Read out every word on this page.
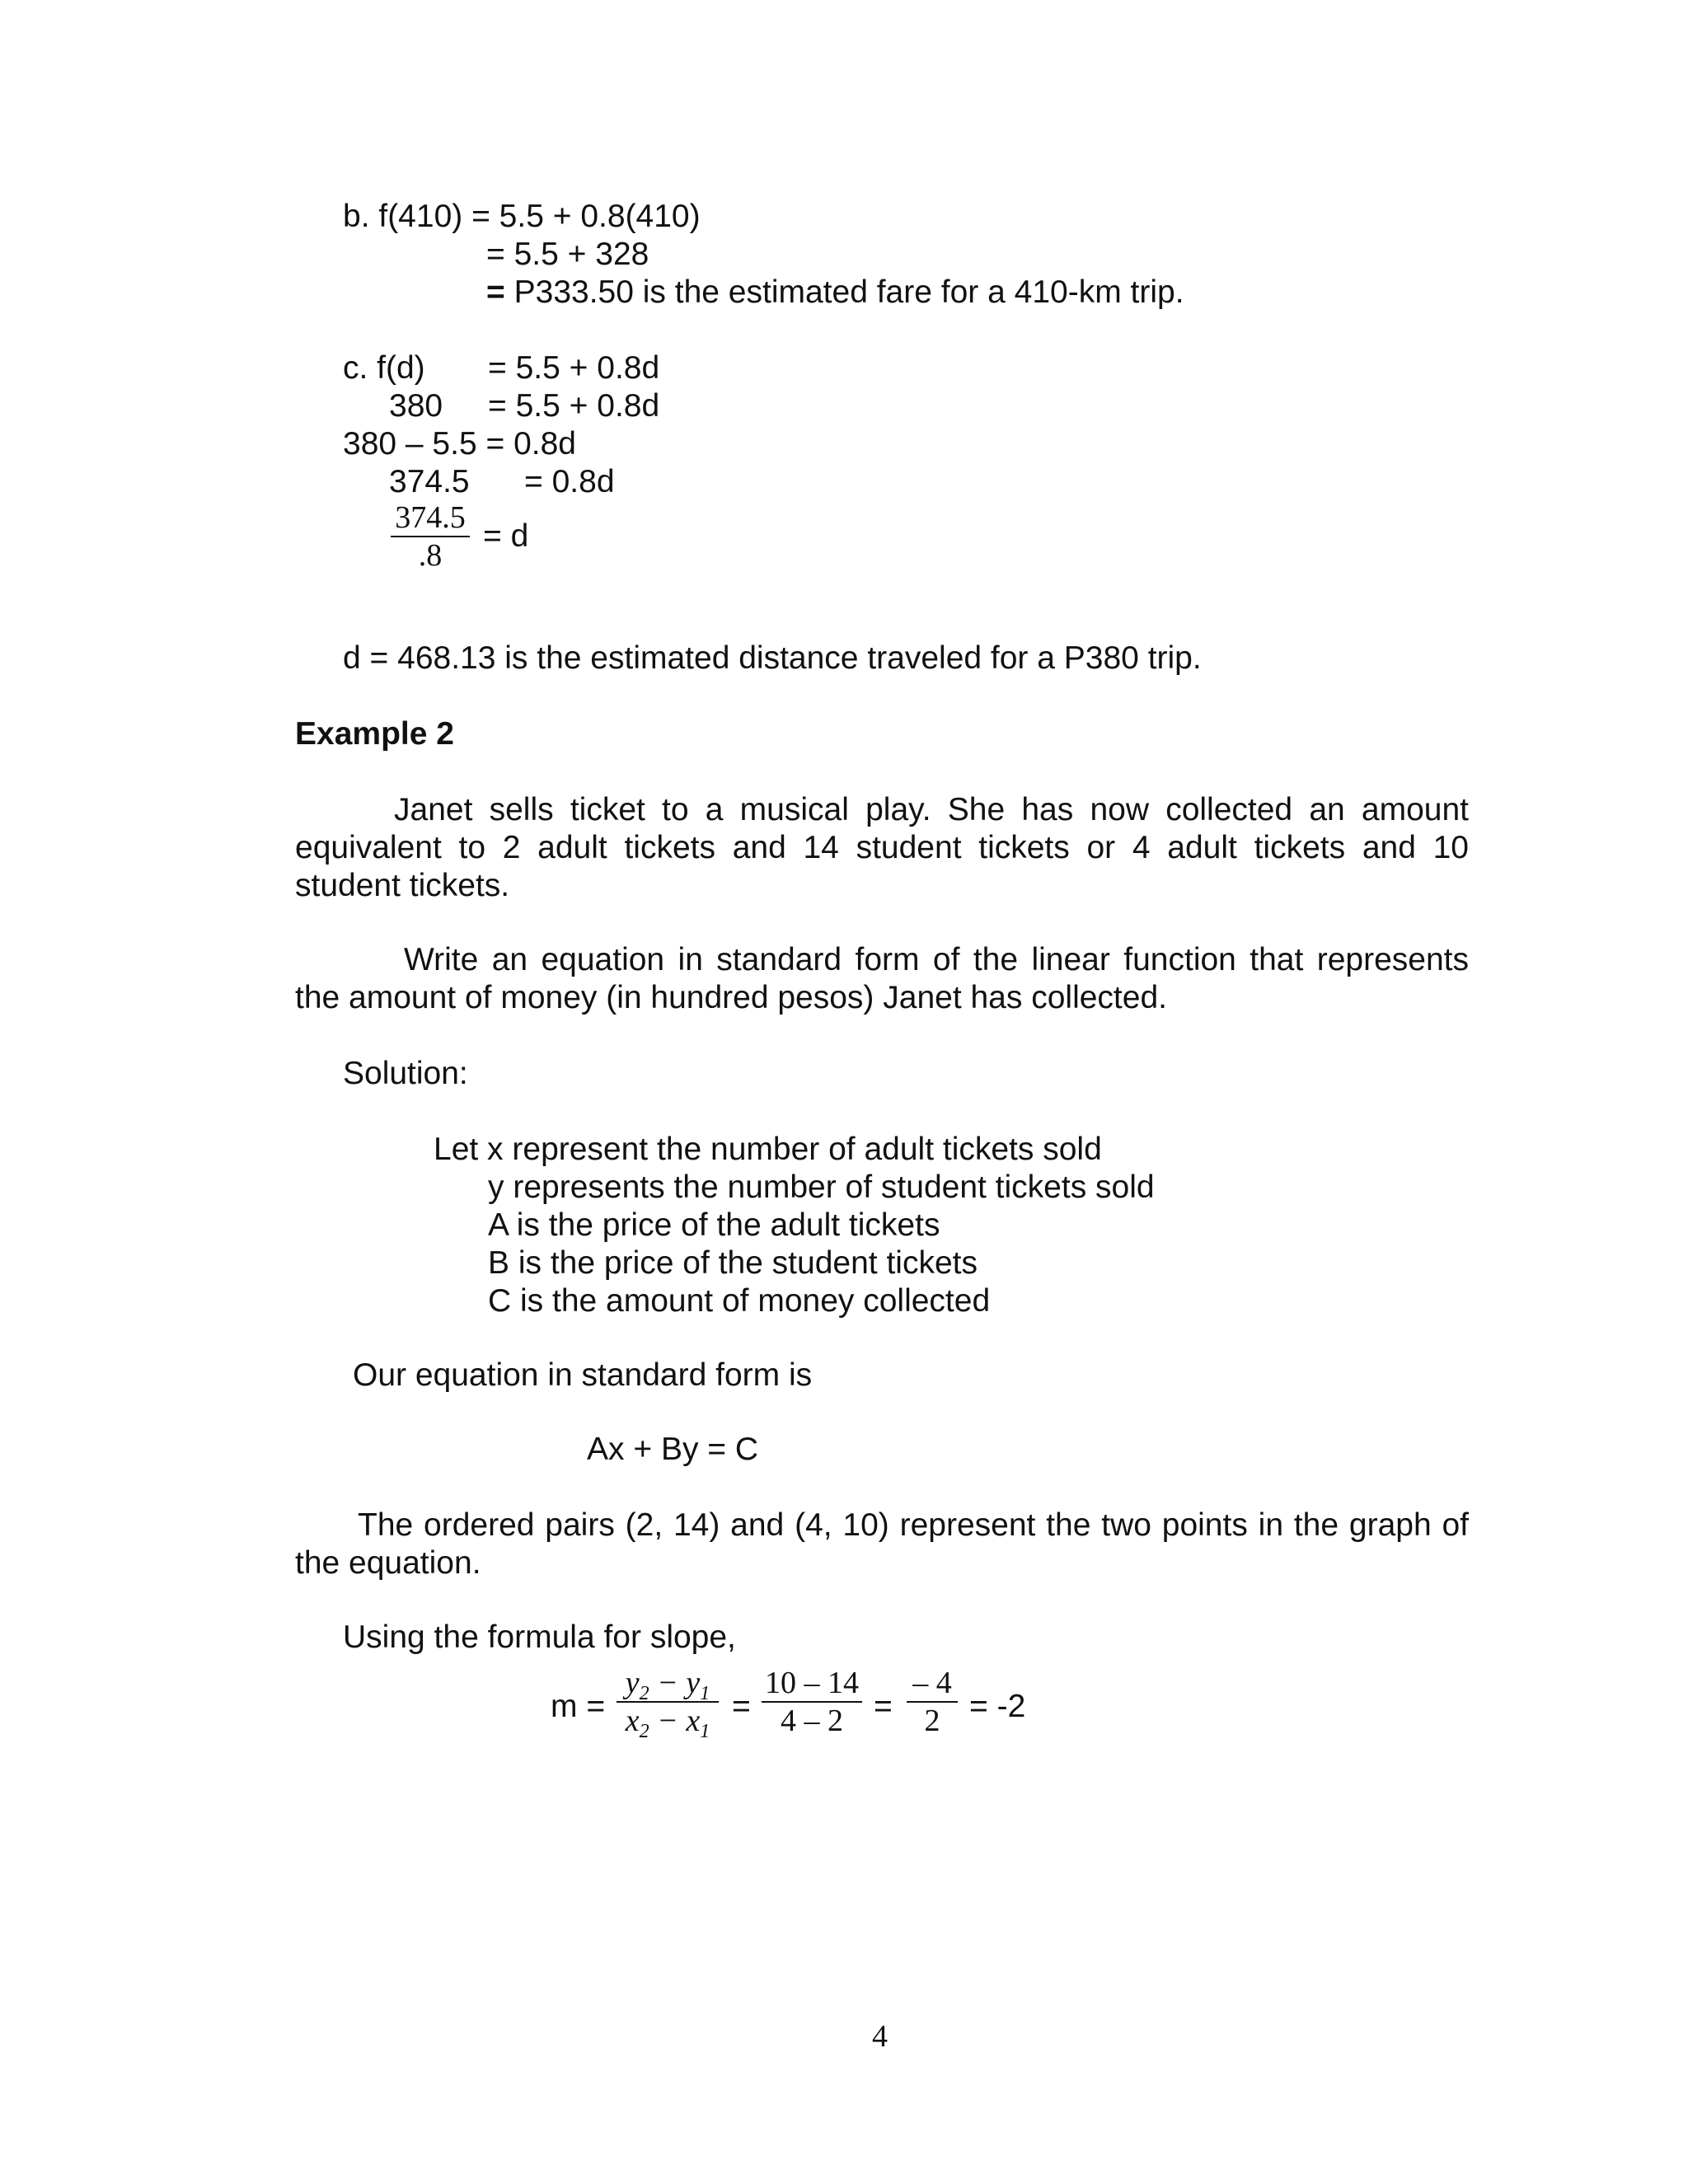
b. f(410) = 5.5 + 0.8(410)
= 5.5 + 328
= P333.50 is the estimated fare for a 410-km trip.
c. f(d) = 5.5 + 0.8d
380 = 5.5 + 0.8d
380 – 5.5 = 0.8d
374.5 = 0.8d
$\frac{374.5}{.8} = d$
d = 468.13 is the estimated distance traveled for a P380 trip.
Example 2
Janet sells ticket to a musical play. She has now collected an amount
equivalent to 2 adult tickets and 14 student tickets or 4 adult tickets and 10
student tickets.
Write an equation in standard form of the linear function that represents
the amount of money (in hundred pesos) Janet has collected.
Solution:
Let x represent the number of adult tickets sold
y represents the number of student tickets sold
A is the price of the adult tickets
B is the price of the student tickets
C is the amount of money collected
Our equation in standard form is
Ax + By = C
The ordered pairs (2, 14) and (4, 10) represent the two points in the graph of
the equation.
Using the formula for slope,
$m = \frac{y_2 - y_1}{x_2 - x_1} = \frac{10 - 14}{4 - 2} = \frac{- 4}{2} = -2$
4
